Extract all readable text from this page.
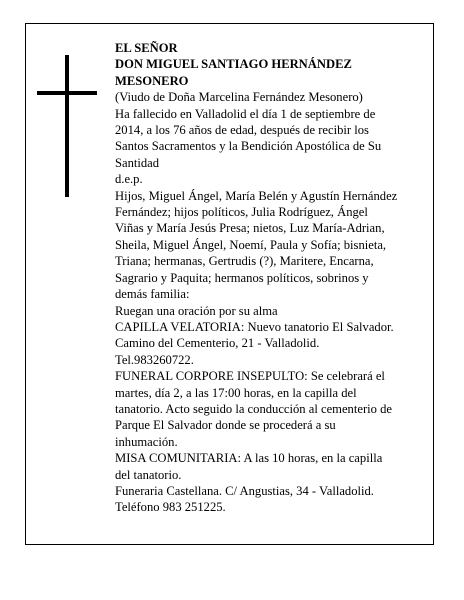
EL SEÑOR
DON MIGUEL SANTIAGO HERNÁNDEZ
MESONERO
(Viudo de Doña Marcelina Fernández Mesonero)
Ha fallecido en Valladolid el día 1 de septiembre de
2014, a los 76 años de edad, después de recibir los
Santos Sacramentos y la Bendición Apostólica de Su
Santidad
d.e.p.
Hijos, Miguel Ángel, María Belén y Agustín Hernández
Fernández; hijos políticos, Julia Rodríguez, Ángel
Viñas y María Jesús Presa; nietos, Luz María-Adrian,
Sheila, Miguel Ángel, Noemí, Paula y Sofía; bisnieta,
Triana; hermanas, Gertrudis (?), Maritere, Encarna,
Sagrario y Paquita; hermanos políticos, sobrinos y
demás familia:
Ruegan una oración por su alma
CAPILLA VELATORIA: Nuevo tanatorio El Salvador.
Camino del Cementerio, 21 - Valladolid.
Tel.983260722.
FUNERAL CORPORE INSEPULTO: Se celebrará el
martes, día 2, a las 17:00 horas, en la capilla del
tanatorio. Acto seguido la conducción al cementerio de
Parque El Salvador donde se procederá a su
inhumación.
MISA COMUNITARIA: A las 10 horas, en la capilla
del tanatorio.
Funeraria Castellana. C/ Angustias, 34 - Valladolid.
Teléfono 983 251225.
